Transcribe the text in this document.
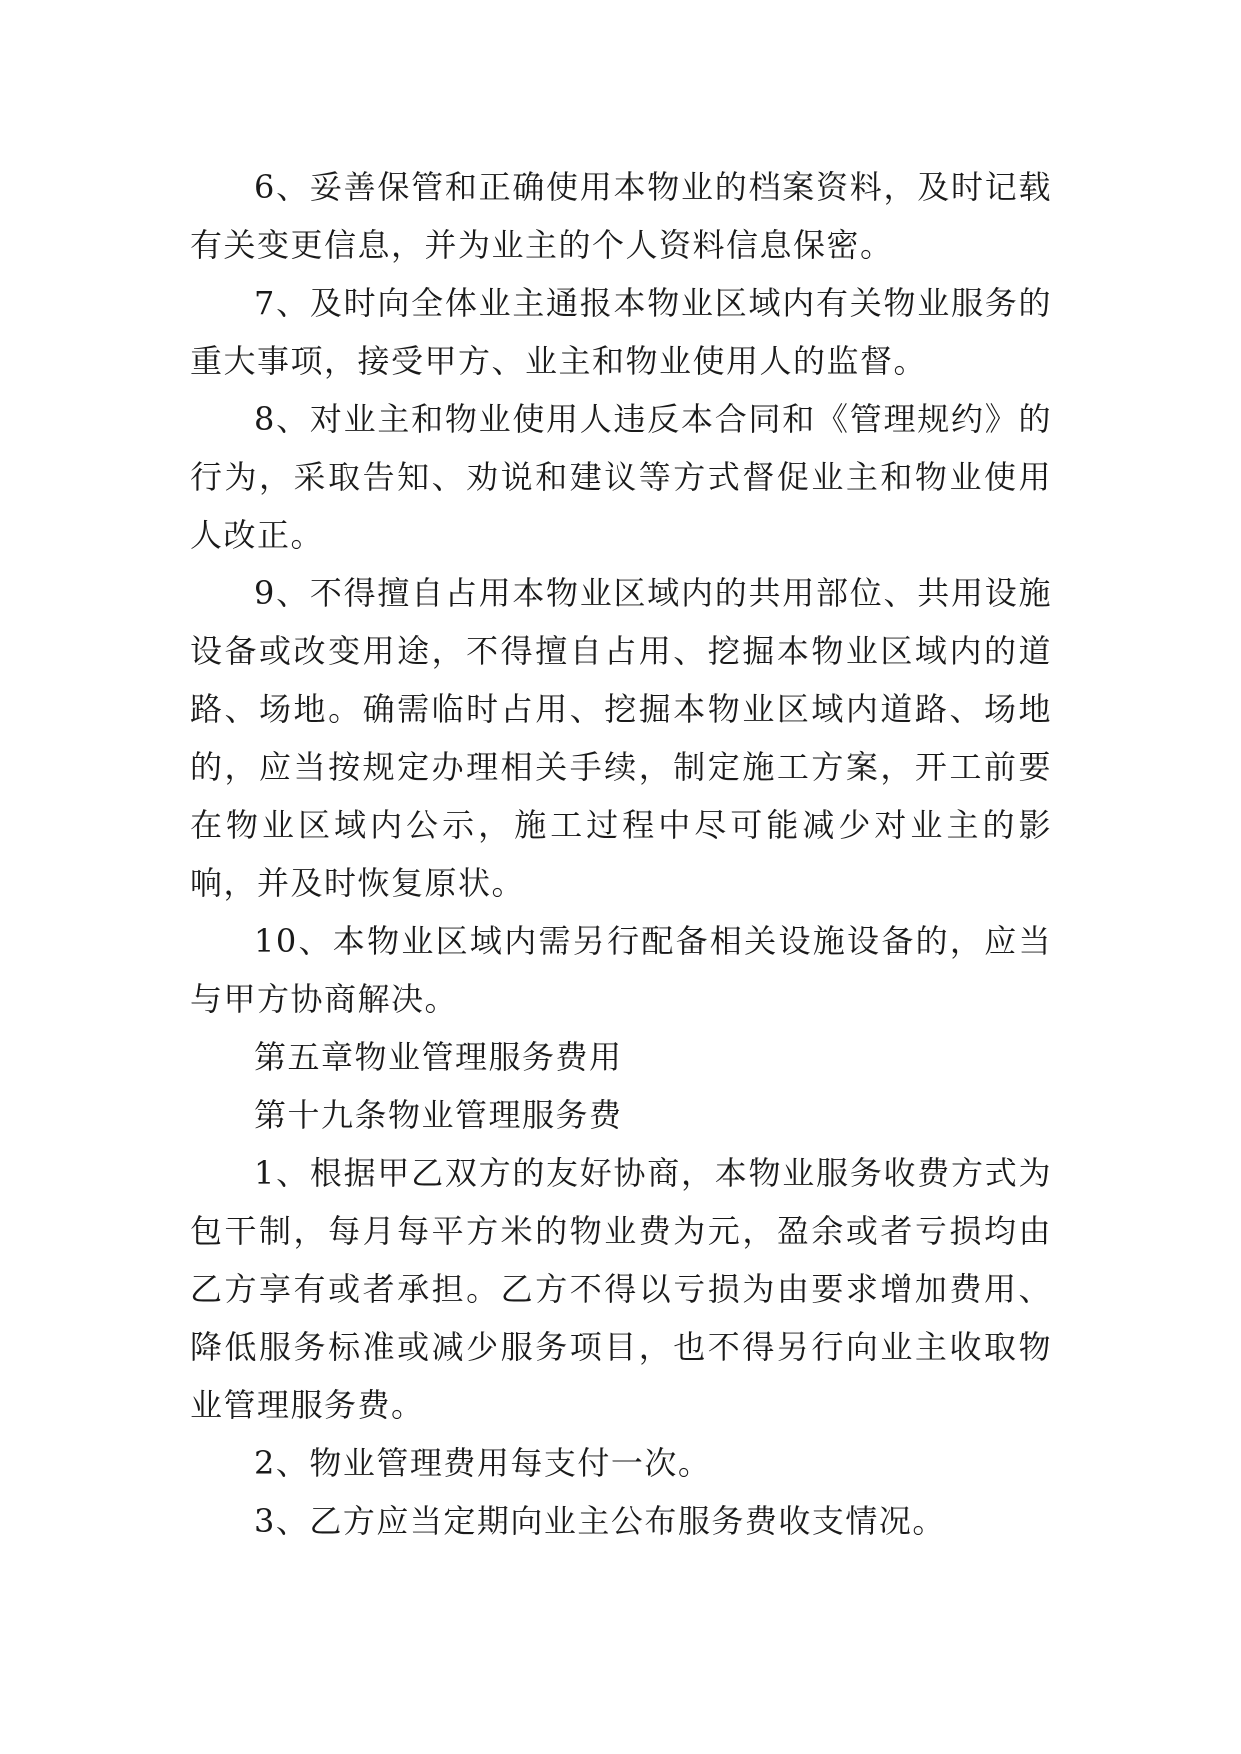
6、妥善保管和正确使用本物业的档案资料，及时记载有关变更信息，并为业主的个人资料信息保密。

7、及时向全体业主通报本物业区域内有关物业服务的重大事项，接受甲方、业主和物业使用人的监督。

8、对业主和物业使用人违反本合同和《管理规约》的行为，采取告知、劝说和建议等方式督促业主和物业使用人改正。

9、不得擅自占用本物业区域内的共用部位、共用设施设备或改变用途，不得擅自占用、挖掘本物业区域内的道路、场地。确需临时占用、挖掘本物业区域内道路、场地的，应当按规定办理相关手续，制定施工方案，开工前要在物业区域内公示，施工过程中尽可能减少对业主的影响，并及时恢复原状。

10、本物业区域内需另行配备相关设施设备的，应当与甲方协商解决。

第五章物业管理服务费用

第十九条物业管理服务费

1、根据甲乙双方的友好协商，本物业服务收费方式为包干制，每月每平方米的物业费为元，盈余或者亏损均由乙方享有或者承担。乙方不得以亏损为由要求增加费用、降低服务标准或减少服务项目，也不得另行向业主收取物业管理服务费。

2、物业管理费用每支付一次。

3、乙方应当定期向业主公布服务费收支情况。
